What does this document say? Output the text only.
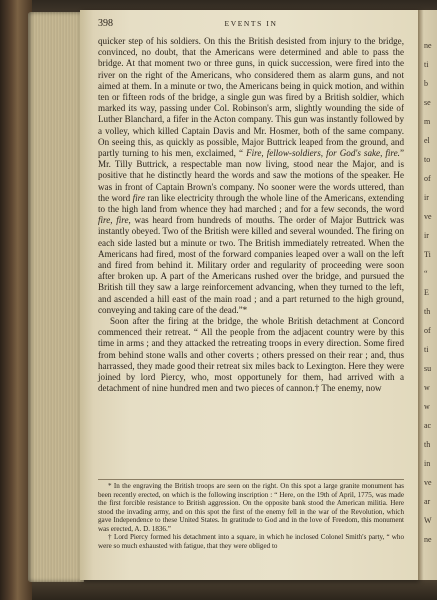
398	EVENTS IN

quicker step of his soldiers. On this the British desisted from injury to the bridge, convinced, no doubt, that the Americans were determined and able to pass the bridge. At that moment two or three guns, in quick succession, were fired into the river on the right of the Americans, who considered them as alarm guns, and not aimed at them. In a minute or two, the Americans being in quick motion, and within ten or fifteen rods of the bridge, a single gun was fired by a British soldier, which marked its way, passing under Col. Robinson's arm, slightly wounding the side of Luther Blanchard, a fifer in the Acton company. This gun was instantly followed by a volley, which killed Captain Davis and Mr. Hosmer, both of the same company. On seeing this, as quickly as possible, Major Buttrick leaped from the ground, and partly turning to his men, exclaimed, “ Fire, fellow-soldiers, for God's sake, fire.” Mr. Tilly Buttrick, a respectable man now living, stood near the Major, and is positive that he distinctly heard the words and saw the motions of the speaker. He was in front of Captain Brown's company. No sooner were the words uttered, than the word fire ran like electricity through the whole line of the Americans, extending to the high land from whence they had marched ; and for a few seconds, the word fire, fire, was heard from hundreds of mouths. The order of Major Buttrick was instantly obeyed. Two of the British were killed and several wounded. The firing on each side lasted but a minute or two. The British immediately retreated. When the Americans had fired, most of the forward companies leaped over a wall on the left and fired from behind it. Military order and regularity of proceeding were soon after broken up. A part of the Americans rushed over the bridge, and pursued the British till they saw a large reinforcement advancing, when they turned to the left, and ascended a hill east of the main road ; and a part returned to the high ground, conveying and taking care of the dead.”*

Soon after the firing at the bridge, the whole British detachment at Concord commenced their retreat. “ All the people from the adjacent country were by this time in arms ; and they attacked the retreating troops in every direction. Some fired from behind stone walls and other coverts ; others pressed on their rear ; and, thus harrassed, they made good their retreat six miles back to Lexington. Here they were joined by lord Piercy, who, most opportunely for them, had arrived with a detachment of nine hundred men and two pieces of cannon.† The enemy, now

* In the engraving the British troops are seen on the right. On this spot a large granite monument has been recently erected, on which is the following inscription : “ Here, on the 19th of April, 1775, was made the first forcible resistance to British aggression. On the opposite bank stood the American militia. Here stood the invading army, and on this spot the first of the enemy fell in the war of the Revolution, which gave Independence to these United States. In gratitude to God and in the love of Freedom, this monument was erected, A. D. 1836.”

† Lord Piercy formed his detachment into a square, in which he inclosed Colonel Smith's party, “ who were so much exhausted with fatigue, that they were obliged to

ne
ti
b
se
m
el
to
of
ir
ve
ir
Ti
“
E
th
of
ti
su
w
w
ac
th
in
ve
ar
W
ne
